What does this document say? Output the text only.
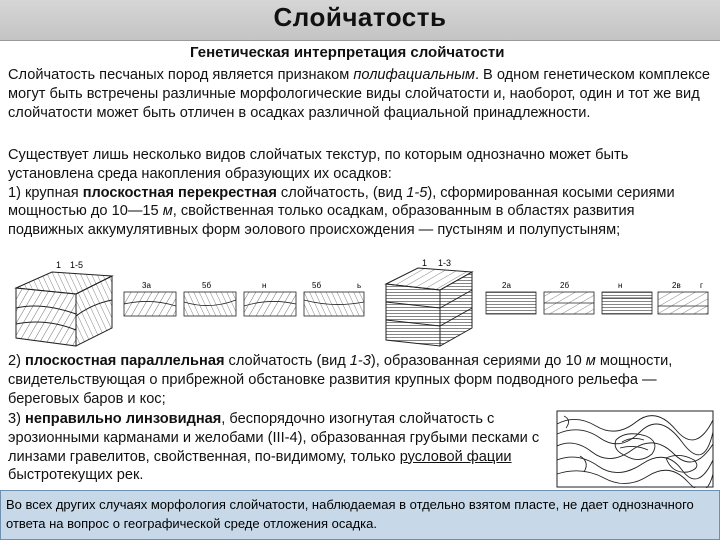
Слойчатость
Генетическая интерпретация слойчатости

Слойчатость песчаных пород является признаком полифациальным. В одном генетическом комплексе могут быть встречены различные морфологические виды слойчатости и, наоборот, один и тот же вид слойчатости может быть отличен в осадках различной фациальной принадлежности.

Существует лишь несколько видов слойчатых текстур, по которым однозначно может быть установлена среда накопления образующих их осадков:
1) крупная плоскостная перекрестная слойчатость, (вид 1-5), сформированная косыми сериями мощностью до 10—15 м, свойственная только осадкам, образованным в областях развития подвижных аккумулятивных форм эолового происхождения — пустыням и полупустыням;

1 1-5
3а	5б	н	5б	ь
1 1-3
2а	2б	н	2в г

2) плоскостная параллельная слойчатость (вид 1-3), образованная сериями до 10 м мощности, свидетельствующая о прибрежной обстановке развития крупных форм подводного рельефа — береговых баров и кос;

3) неправильно линзовидная, беспорядочно изогнутая слойчатость с эрозионными карманами и желобами (III-4), образованная грубыми песками с линзами гравелитов, свойственная, по-видимому, только русловой фации быстротекущих рек.

Во всех других случаях морфология слойчатости, наблюдаемая в отдельно взятом пласте, не дает однозначного ответа на вопрос о географической среде отложения осадка.
